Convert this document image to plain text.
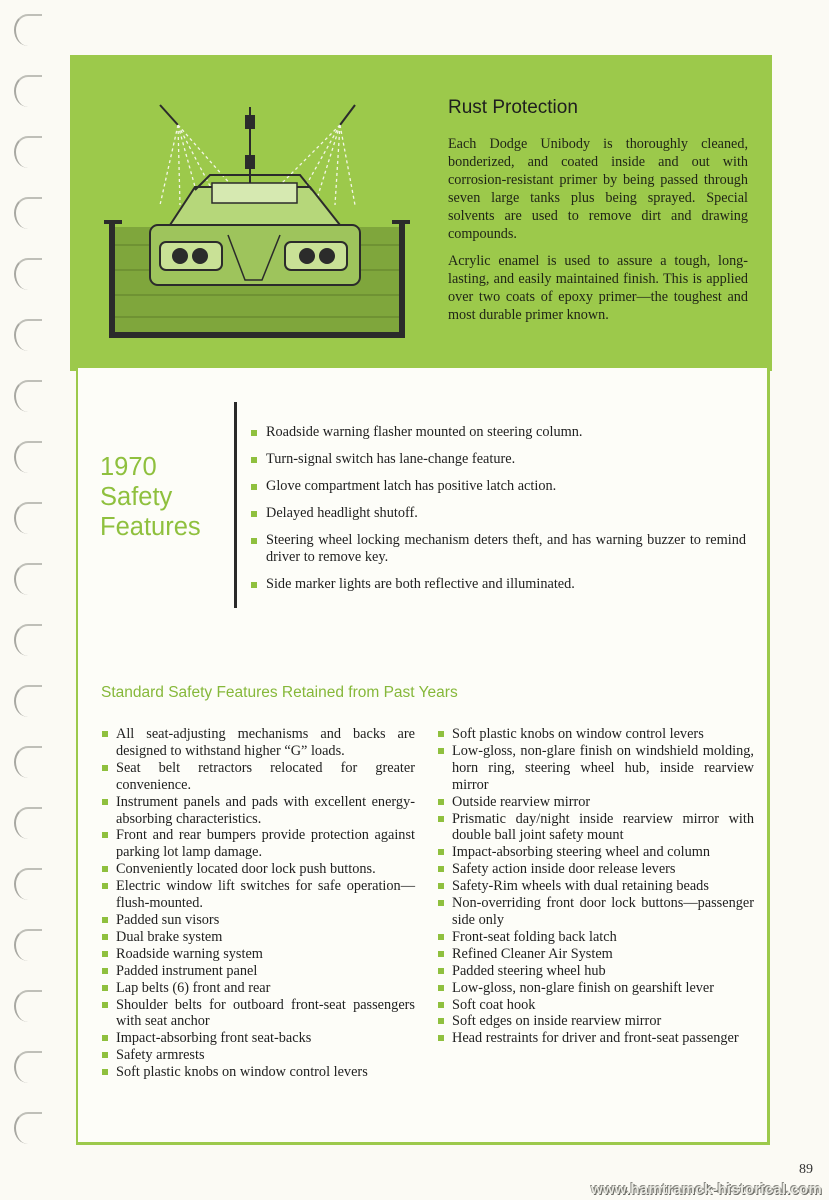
Rust Protection

Each Dodge Unibody is thoroughly cleaned, bonderized, and coated inside and out with corrosion-resistant primer by being passed through seven large tanks plus being sprayed. Special solvents are used to remove dirt and drawing compounds.

Acrylic enamel is used to assure a tough, long-lasting, and easily maintained finish. This is applied over two coats of epoxy primer—the toughest and most durable primer known.

1970
Safety
Features
Roadside warning flasher mounted on steering column.
Turn-signal switch has lane-change feature.
Glove compartment latch has positive latch action.
Delayed headlight shutoff.
Steering wheel locking mechanism deters theft, and has warning buzzer to remind driver to remove key.
Side marker lights are both reflective and illuminated.
Standard Safety Features Retained from Past Years
All seat-adjusting mechanisms and backs are designed to withstand higher “G” loads.
Seat belt retractors relocated for greater convenience.
Instrument panels and pads with excellent energy-absorbing characteristics.
Front and rear bumpers provide protection against parking lot lamp damage.
Conveniently located door lock push buttons.
Electric window lift switches for safe operation—flush-mounted.
Padded sun visors
Dual brake system
Roadside warning system
Padded instrument panel
Lap belts (6) front and rear
Shoulder belts for outboard front-seat passengers with seat anchor
Impact-absorbing front seat-backs
Safety armrests
Soft plastic knobs on window control levers
Soft plastic knobs on window control levers
Low-gloss, non-glare finish on windshield molding, horn ring, steering wheel hub, inside rearview mirror
Outside rearview mirror
Prismatic day/night inside rearview mirror with double ball joint safety mount
Impact-absorbing steering wheel and column
Safety action inside door release levers
Safety-Rim wheels with dual retaining beads
Non-overriding front door lock buttons—passenger side only
Front-seat folding back latch
Refined Cleaner Air System
Padded steering wheel hub
Low-gloss, non-glare finish on gearshift lever
Soft coat hook
Soft edges on inside rearview mirror
Head restraints for driver and front-seat passenger
89
www.hamtramck-historical.com
